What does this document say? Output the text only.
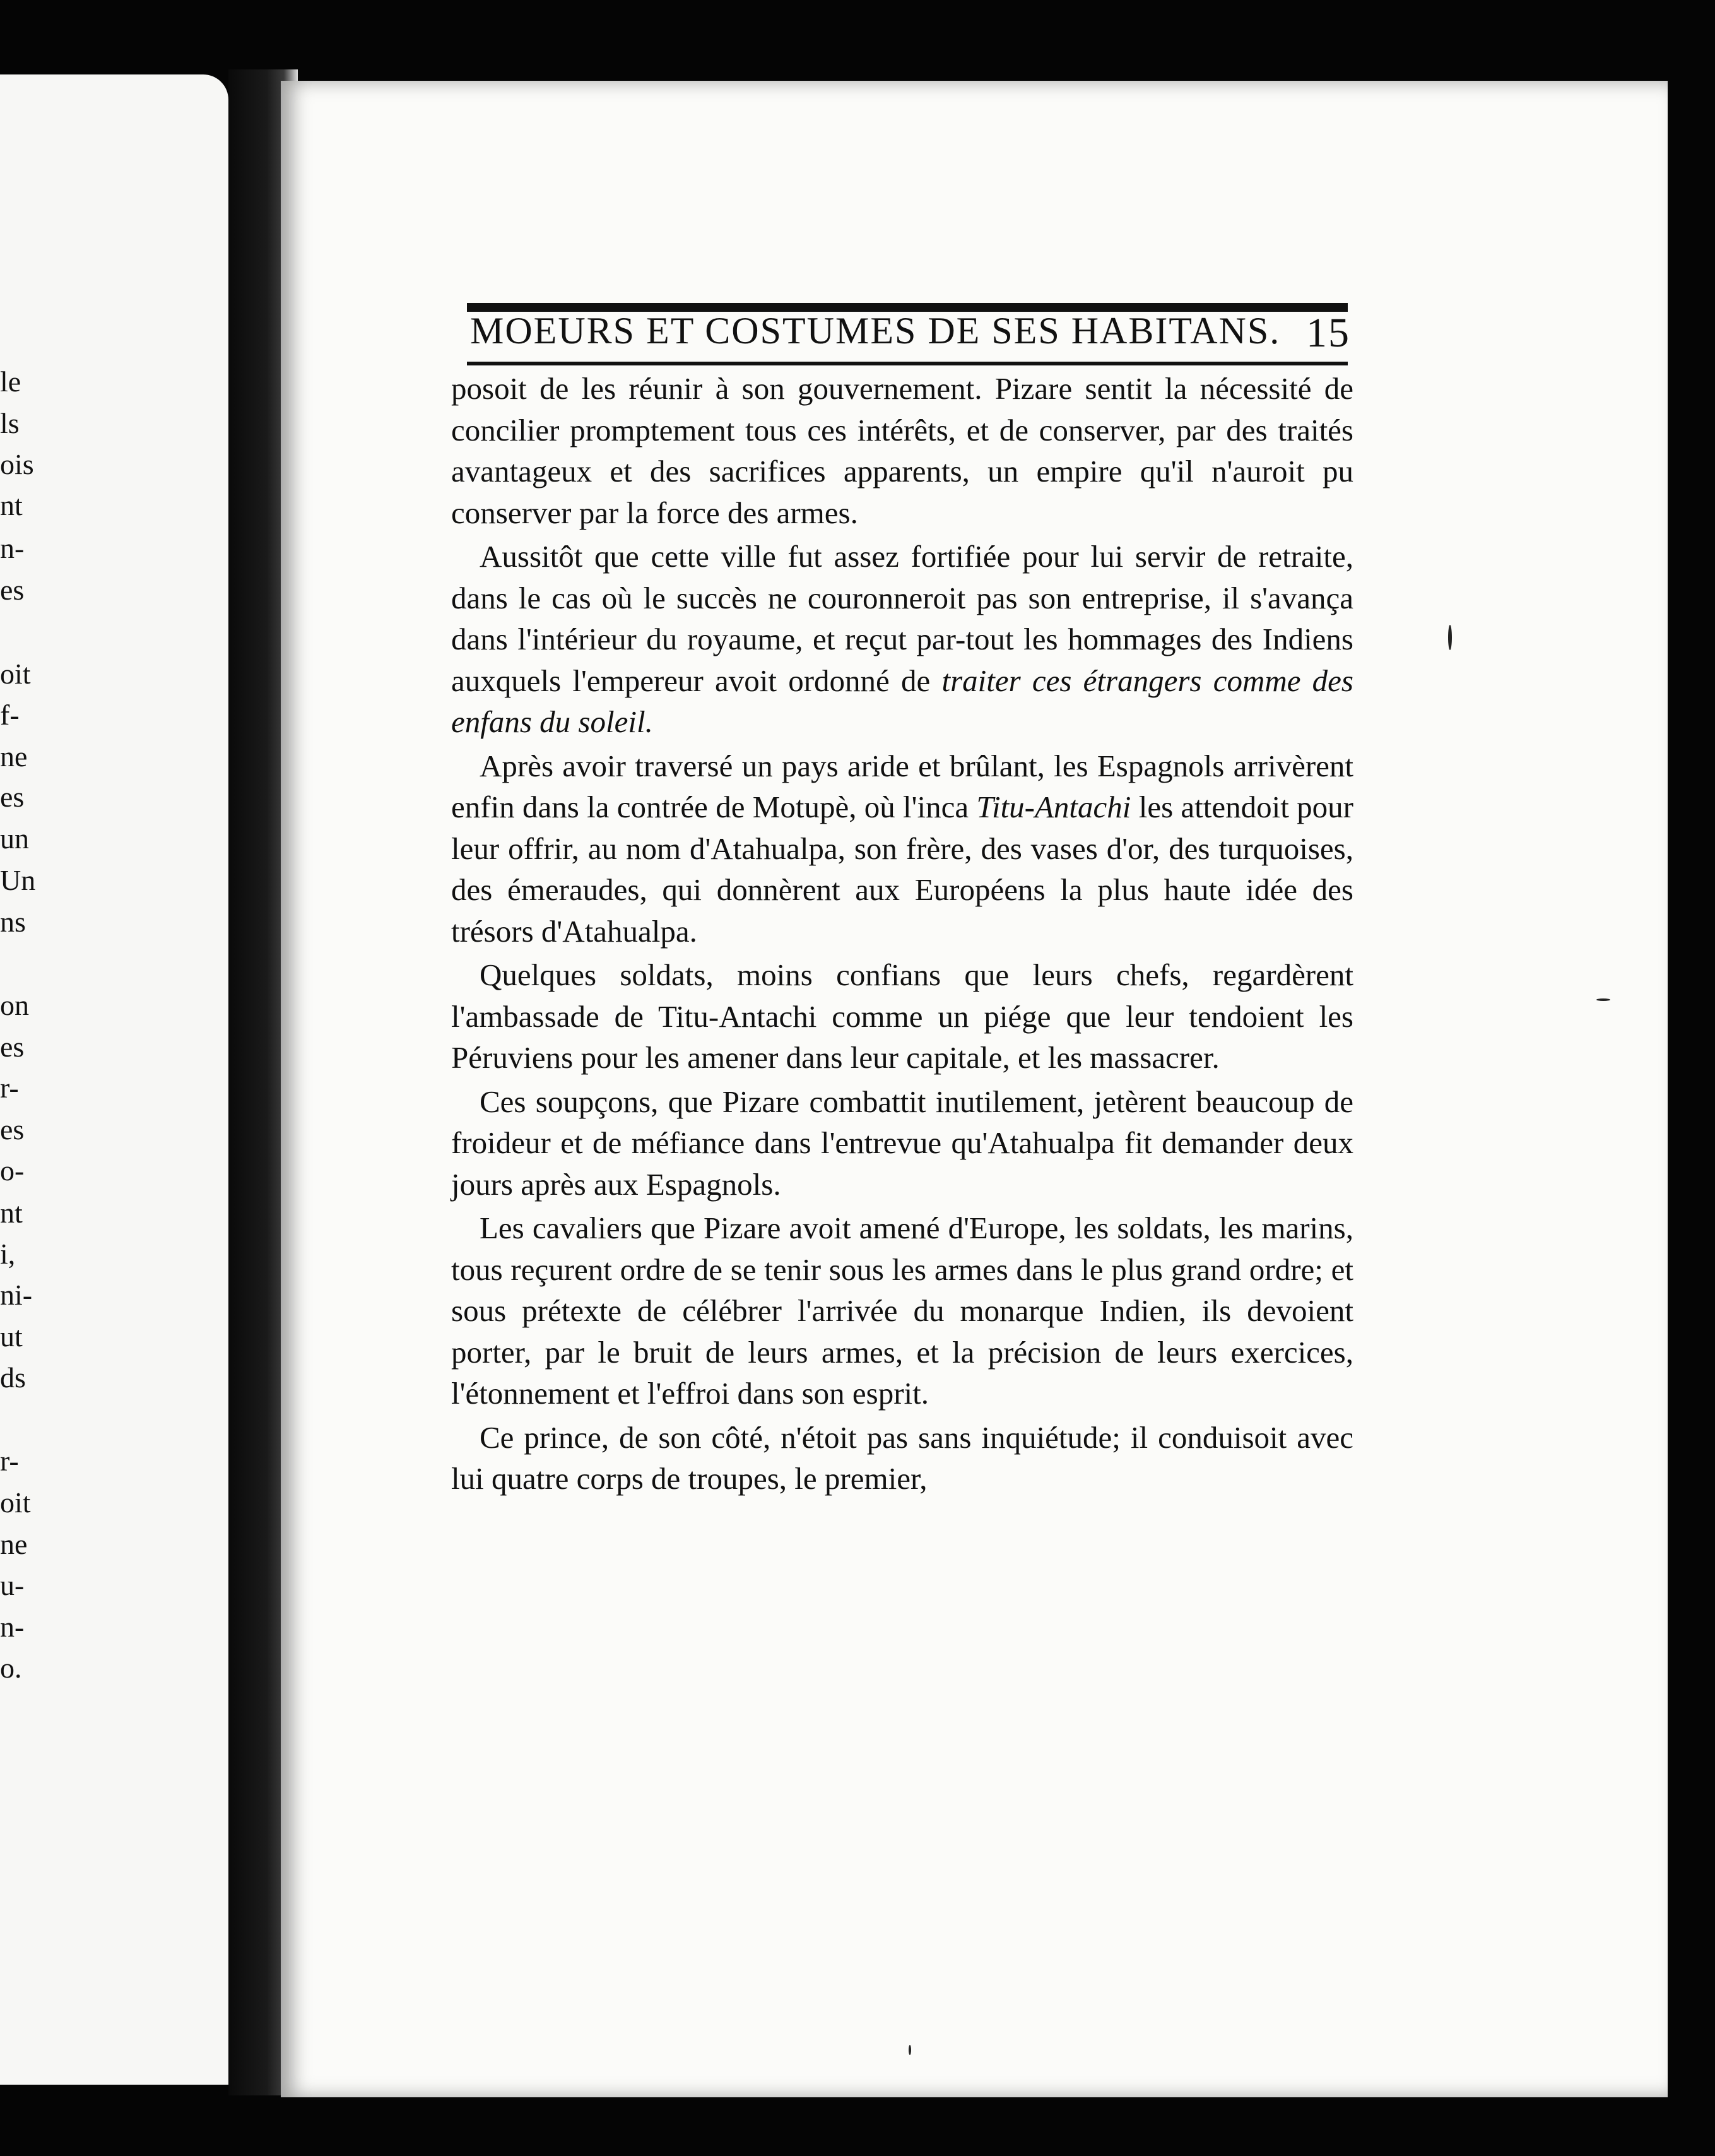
le
ls
ois
nt
n-
es
oit
f-
ne
es
un
Un
ns
on
es
r-
es
o-
nt
i,
ni-
ut
ds
r-
oit
ne
u-
n-
o.
MOEURS ET COSTUMES DE SES HABITANS. 15

posoit de les réunir à son gouvernement. Pizare sentit la nécessité de concilier promptement tous ces intérêts, et de conserver, par des traités avantageux et des sacrifices apparents, un empire qu'il n'auroit pu conserver par la force des armes.

Aussitôt que cette ville fut assez fortifiée pour lui servir de retraite, dans le cas où le succès ne couronneroit pas son entreprise, il s'avança dans l'intérieur du royaume, et reçut par-tout les hommages des Indiens auxquels l'empereur avoit ordonné de traiter ces étrangers comme des enfans du soleil.

Après avoir traversé un pays aride et brûlant, les Espagnols arrivèrent enfin dans la contrée de Motupè, où l'inca Titu-Antachi les attendoit pour leur offrir, au nom d'Atahualpa, son frère, des vases d'or, des turquoises, des émeraudes, qui donnèrent aux Européens la plus haute idée des trésors d'Atahualpa.

Quelques soldats, moins confians que leurs chefs, regardèrent l'ambassade de Titu-Antachi comme un piége que leur tendoient les Péruviens pour les amener dans leur capitale, et les massacrer.

Ces soupçons, que Pizare combattit inutilement, jetèrent beaucoup de froideur et de méfiance dans l'entrevue qu'Atahualpa fit demander deux jours après aux Espagnols.

Les cavaliers que Pizare avoit amené d'Europe, les soldats, les marins, tous reçurent ordre de se tenir sous les armes dans le plus grand ordre; et sous prétexte de célébrer l'arrivée du monarque Indien, ils devoient porter, par le bruit de leurs armes, et la précision de leurs exercices, l'étonnement et l'effroi dans son esprit.

Ce prince, de son côté, n'étoit pas sans inquiétude; il conduisoit avec lui quatre corps de troupes, le premier,
